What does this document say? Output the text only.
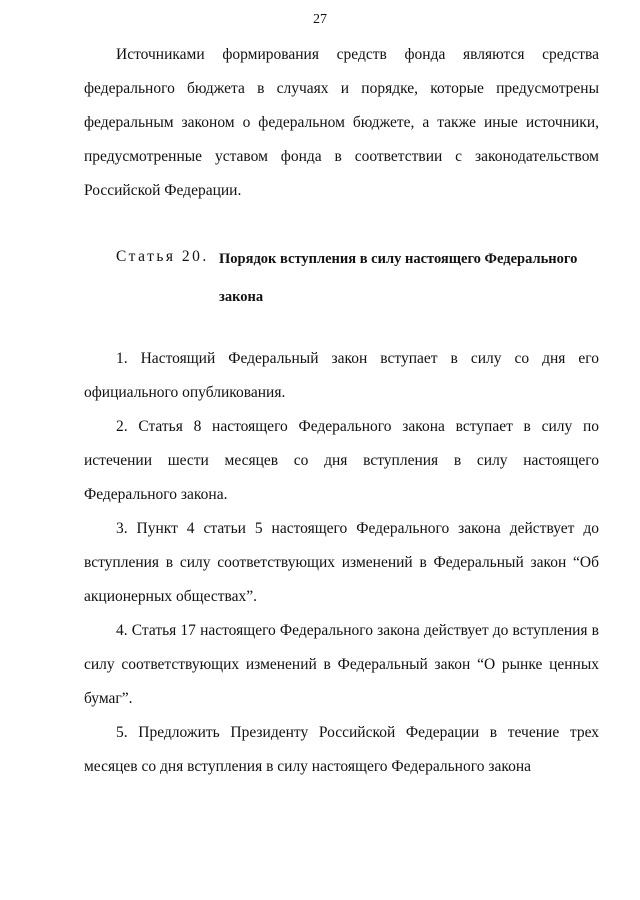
27

Источниками формирования средств фонда являются средства федерального бюджета в случаях и порядке, которые предусмотрены федеральным законом о федеральном бюджете, а также иные источники, предусмотренные уставом фонда в соответствии с законодательством Российской Федерации.

Статья 20. Порядок вступления в силу настоящего Федерального закона

1. Настоящий Федеральный закон вступает в силу со дня его официального опубликования.

2. Статья 8 настоящего Федерального закона вступает в силу по истечении шести месяцев со дня вступления в силу настоящего Федерального закона.

3. Пункт 4 статьи 5 настоящего Федерального закона действует до вступления в силу соответствующих изменений в Федеральный закон “Об акционерных обществах”.

4. Статья 17 настоящего Федерального закона действует до вступления в силу соответствующих изменений в Федеральный закон “О рынке ценных бумаг”.

5. Предложить Президенту Российской Федерации в течение трех месяцев со дня вступления в силу настоящего Федерального закона
